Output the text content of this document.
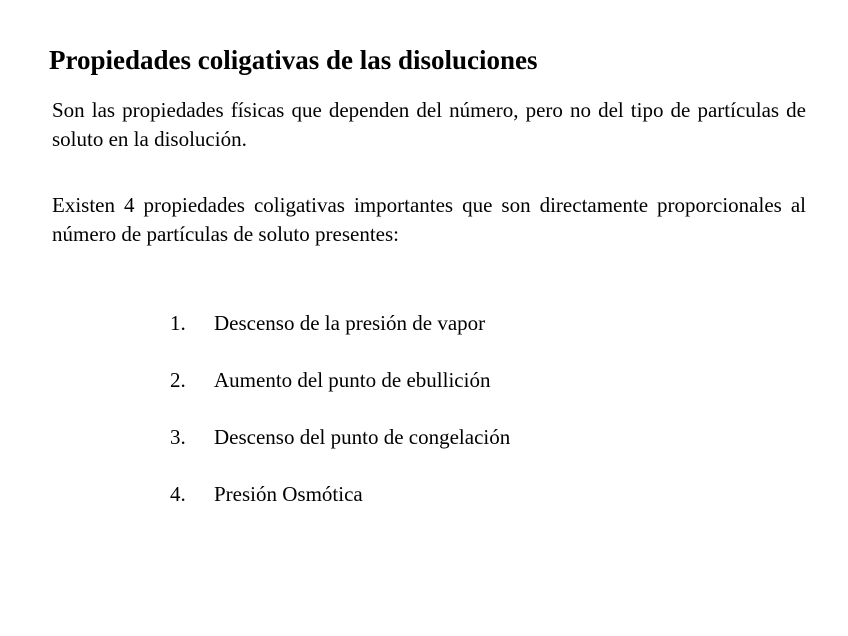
Propiedades coligativas de las disoluciones

Son las propiedades físicas que dependen del número, pero no del tipo de partículas de soluto en la disolución.

Existen 4 propiedades coligativas importantes que son directamente proporcionales al número de partículas de soluto presentes:

1. Descenso de la presión de vapor
2. Aumento del punto de ebullición
3. Descenso del punto de congelación
4. Presión Osmótica
